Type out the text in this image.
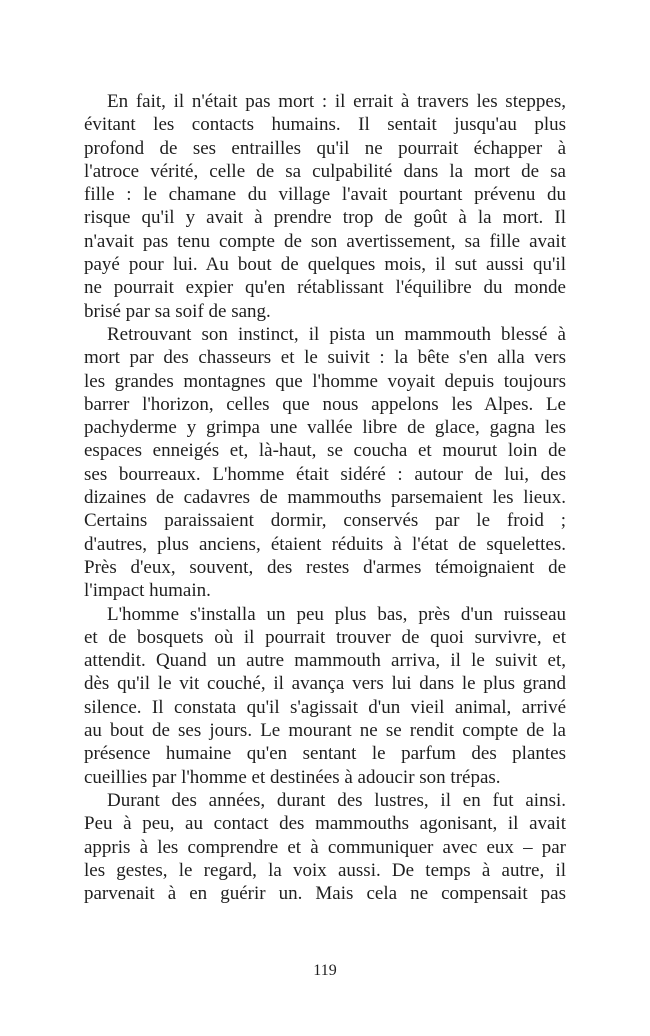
En fait, il n'était pas mort : il errait à travers les steppes,
évitant les contacts humains. Il sentait jusqu'au plus
profond de ses entrailles qu'il ne pourrait échapper à
l'atroce vérité, celle de sa culpabilité dans la mort de sa
fille : le chamane du village l'avait pourtant prévenu du
risque qu'il y avait à prendre trop de goût à la mort. Il
n'avait pas tenu compte de son avertissement, sa fille avait
payé pour lui. Au bout de quelques mois, il sut aussi qu'il
ne pourrait expier qu'en rétablissant l'équilibre du monde
brisé par sa soif de sang.
Retrouvant son instinct, il pista un mammouth blessé à
mort par des chasseurs et le suivit : la bête s'en alla vers
les grandes montagnes que l'homme voyait depuis toujours
barrer l'horizon, celles que nous appelons les Alpes. Le
pachyderme y grimpa une vallée libre de glace, gagna les
espaces enneigés et, là-haut, se coucha et mourut loin de
ses bourreaux. L'homme était sidéré : autour de lui, des
dizaines de cadavres de mammouths parsemaient les lieux.
Certains paraissaient dormir, conservés par le froid ;
d'autres, plus anciens, étaient réduits à l'état de squelettes.
Près d'eux, souvent, des restes d'armes témoignaient de
l'impact humain.
L'homme s'installa un peu plus bas, près d'un ruisseau
et de bosquets où il pourrait trouver de quoi survivre, et
attendit. Quand un autre mammouth arriva, il le suivit et,
dès qu'il le vit couché, il avança vers lui dans le plus grand
silence. Il constata qu'il s'agissait d'un vieil animal, arrivé
au bout de ses jours. Le mourant ne se rendit compte de la
présence humaine qu'en sentant le parfum des plantes
cueillies par l'homme et destinées à adoucir son trépas.
Durant des années, durant des lustres, il en fut ainsi.
Peu à peu, au contact des mammouths agonisant, il avait
appris à les comprendre et à communiquer avec eux – par
les gestes, le regard, la voix aussi. De temps à autre, il
parvenait à en guérir un. Mais cela ne compensait pas
119
